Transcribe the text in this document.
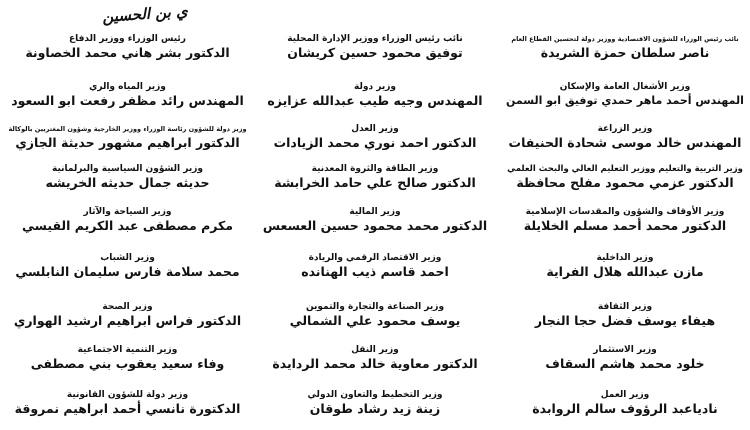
ي بن الحسين
نائب رئيس الوزراء للشؤون الاقتصادية ووزير دولة لتحسين القطاع العام
ناصر سلطان حمزة الشريدة
نائب رئيس الوزراء ووزير الإدارة المحلية
توفيق محمود حسين كريشان
رئيس الوزراء ووزير الدفاع
الدكتور بشر هاني محمد الخصاونة
وزير الأشغال العامة والإسكان
المهندس أحمد ماهر حمدي توفيق ابو السمن
وزير دولة
المهندس وجيه طيب عبدالله عزايزه
وزير المياه والري
المهندس رائد مظفر رفعت ابو السعود
وزير الزراعة
المهندس خالد موسى شحادة الحنيفات
وزير العدل
الدكتور احمد نوري محمد الزيادات
وزير دولة للشؤون رئاسة الوزراء ووزير الخارجية وشؤون المغتربين بالوكالة
الدكتور ابراهيم مشهور حديثة الجازي
وزير التربية والتعليم ووزير التعليم العالي والبحث العلمي
الدكتور عزمي محمود مفلح محافظة
وزير الطاقة والثروة المعدنية
الدكتور صالح علي حامد الخرابشة
وزير الشؤون السياسية والبرلمانية
حديثه جمال حديثه الخريشه
وزير الأوقاف والشؤون والمقدسات الإسلامية
الدكتور محمد أحمد مسلم الخلايلة
وزير المالية
الدكتور محمد محمود حسين العسعس
وزير السياحة والآثار
مكرم مصطفى عبد الكريم القيسي
وزير الداخلية
مازن عبدالله هلال الفراية
وزير الاقتصاد الرقمي والريادة
احمد قاسم ذيب الهنانده
وزير الشباب
محمد سلامة فارس سليمان النابلسي
وزير الثقافة
هيفاء يوسف فضل حجا النجار
وزير الصناعة والتجارة والتموين
يوسف محمود علي الشمالي
وزير الصحة
الدكتور فراس ابراهيم ارشيد الهواري
وزير الاستثمار
خلود محمد هاشم السقاف
وزير النقل
الدكتور معاوية خالد محمد الردايدة
وزير التنمية الاجتماعية
وفاء سعيد يعقوب بني مصطفى
وزير العمل
نادياعبد الرؤوف سالم الروابدة
وزير التخطيط والتعاون الدولي
زينة زيد رشاد طوقان
وزير دولة للشؤون القانونية
الدكتورة نانسي أحمد ابراهيم نمروقة
